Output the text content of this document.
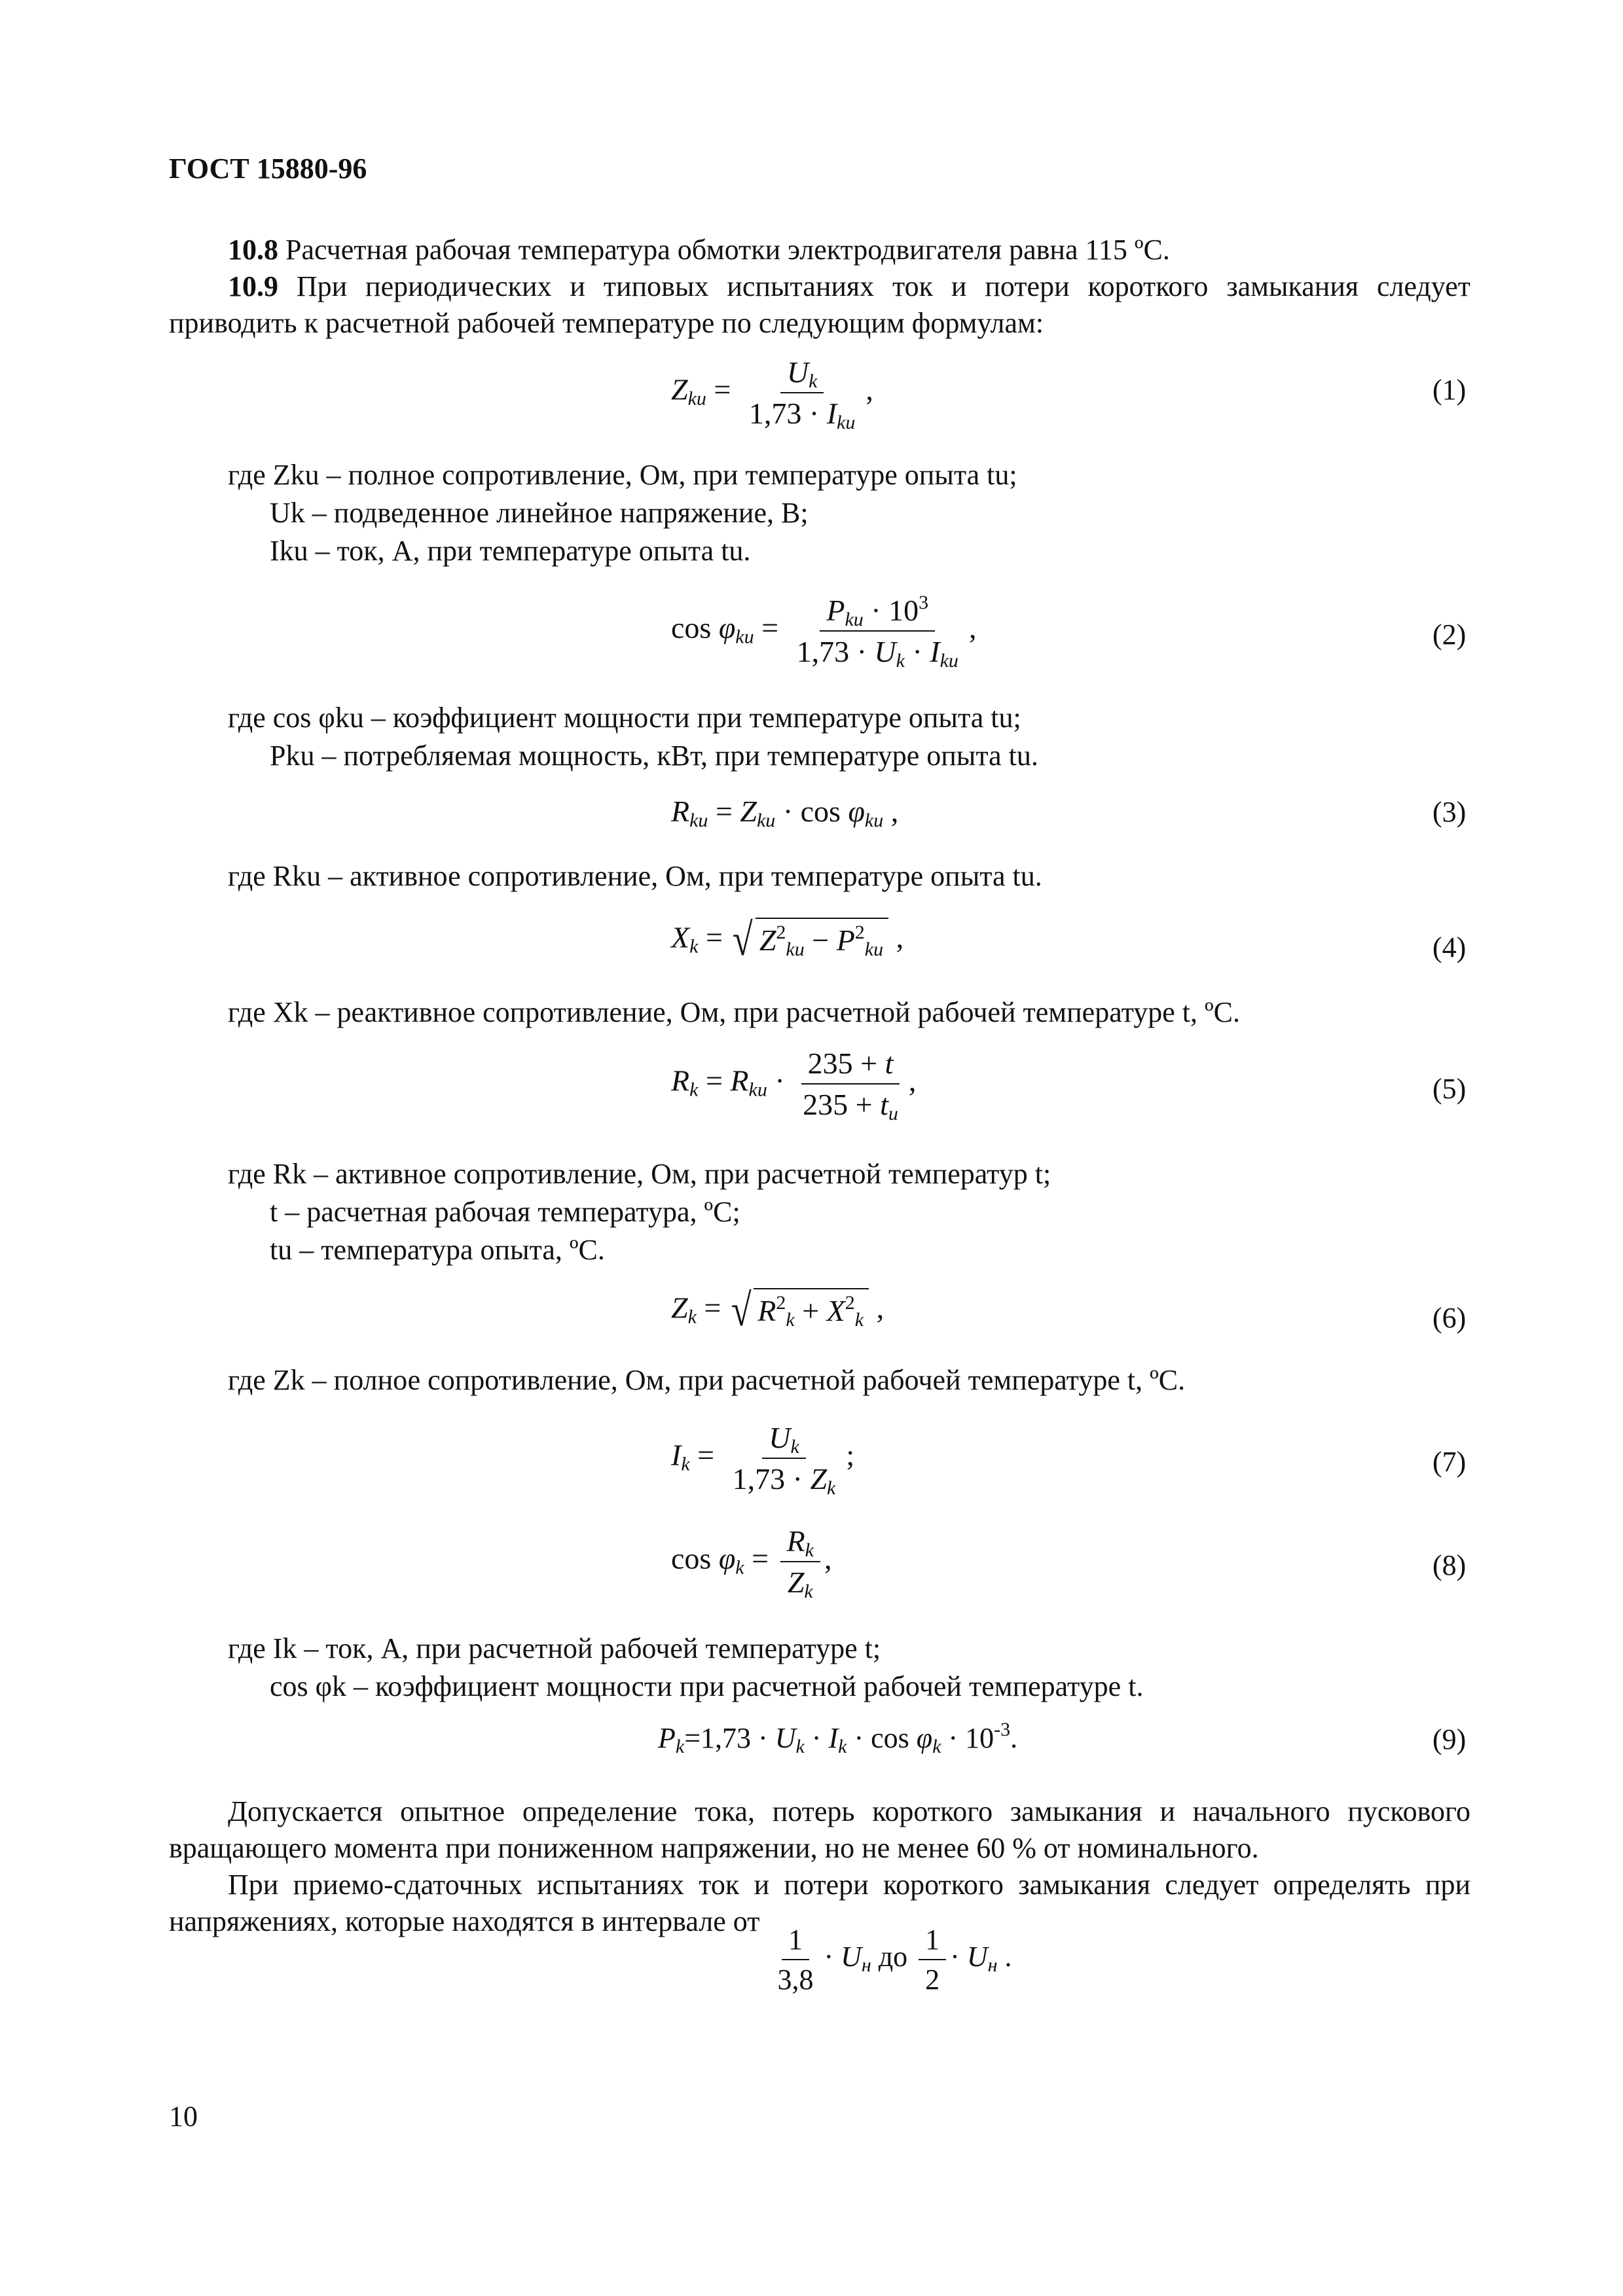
ГОСТ 15880-96
10.8 Расчетная рабочая температура обмотки электродвигателя равна 115 ºС.
10.9 При периодических и типовых испытаниях ток и потери короткого замыкания следует приводить к расчетной рабочей температуре по следующим формулам:
$Z_{ku} = \frac{U_k}{1,73 \cdot I_{ku}}$ ,	(1)
где Zku – полное сопротивление, Ом, при температуре опыта tu;
Uk – подведенное линейное напряжение, В;
Iku – ток, А, при температуре опыта tu.
$\cos \varphi_{ku} = \frac{P_{ku} \cdot 10^3}{1,73 \cdot U_k \cdot I_{ku}}$ ,	(2)
где cos φku – коэффициент мощности при температуре опыта tu;
Pku – потребляемая мощность, кВт, при температуре опыта tu.
$R_{ku} = Z_{ku} \cdot \cos \varphi_{ku}$ ,	(3)
где Rku – активное сопротивление, Ом, при температуре опыта tu.
$X_k$ = √ $Z^2_{ku} - P^2_{ku}$ ,	(4)
где Xk – реактивное сопротивление, Ом, при расчетной рабочей температуре t, ºС.
$R_k = R_{ku} \cdot \frac{235 + t}{235 + t_u}$ ,	(5)
где Rk – активное сопротивление, Ом, при расчетной температур t;
t – расчетная рабочая температура, ºС;
tu – температура опыта, ºС.
$Z_k$ = √ $R^2_k + X^2_k$ ,	(6)
где Zk – полное сопротивление, Ом, при расчетной рабочей температуре t, ºС.
$I_k = \frac{U_k}{1,73 \cdot Z_k}$ ;	(7)
$\cos \varphi_k = \frac{R_k}{Z_k}$ ,	(8)
где Ik – ток, А, при расчетной рабочей температуре t;
cos φk – коэффициент мощности при расчетной рабочей температуре t.
$P_k=1,73 \cdot U_k \cdot I_k \cdot \cos \varphi_k \cdot 10^{-3}$.	(9)
Допускается опытное определение тока, потерь короткого замыкания и начального пускового вращающего момента при пониженном напряжении, но не менее 60 % от номинального.
При приемо-сдаточных испытаниях ток и потери короткого замыкания следует определять при напряжениях, которые находятся в интервале от
$\frac{1}{3,8} \cdot U_н$ до $\frac{1}{2} \cdot U_н$ .
10
